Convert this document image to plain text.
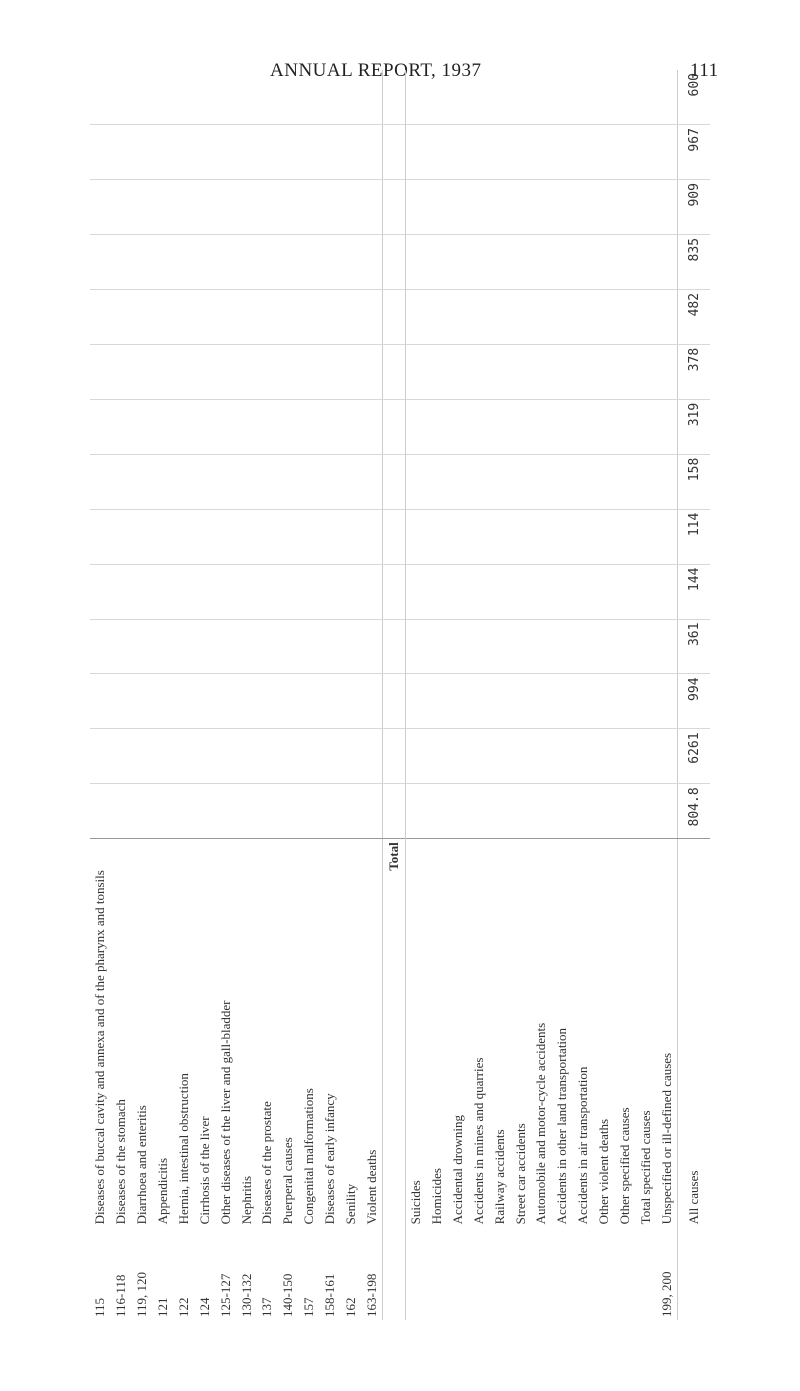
ANNUAL REPORT, 1937	111
115	Diseases of buccal cavity and annexa and of the pharynx and tonsils														
116-118	Diseases of the stomach														
119, 120	Diarrhoea and enteritis														
121	Appendicitis														
122	Hernia, intestinal obstruction														
124	Cirrhosis of the liver														
125-127	Other diseases of the liver and gall-bladder														
130-132	Nephritis														
137	Diseases of the prostate														
140-150	Puerperal causes														
157	Congenital malformations														
158-161	Diseases of early infancy														
162	Senility														
163-198	Violent deaths														
	Total														
	Suicides														
	Homicides														
	Accidental drowning														
	Accidents in mines and quarries														
	Railway accidents														
	Street car accidents														
	Automobile and motor-cycle accidents														
	Accidents in other land transportation														
	Accidents in air transportation														
	Other violent deaths														
	Other specified causes														
	Total specified causes														
199, 200	Unspecified or ill-defined causes														
	All causes	804.8	6261	994	361	144	114	158	319	378	482	835	909	967	600
